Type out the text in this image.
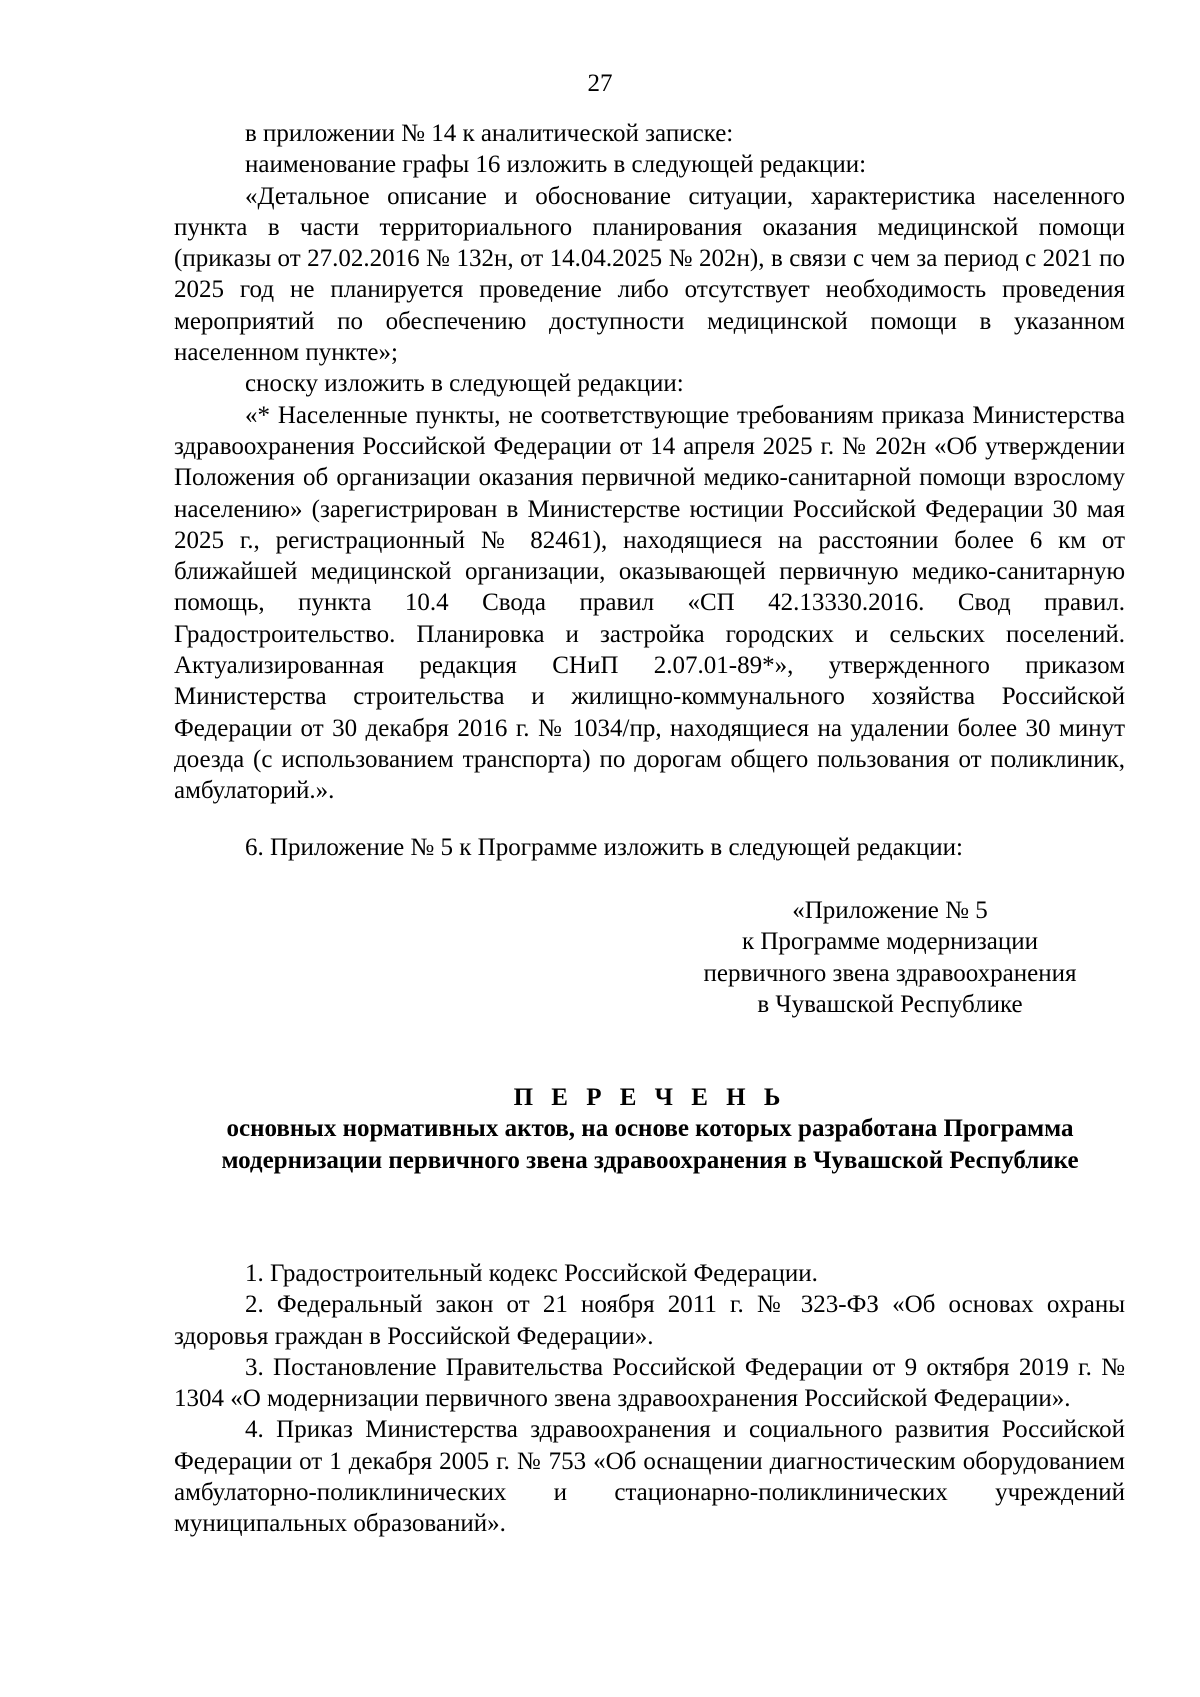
27

в приложении № 14 к аналитической записке:

наименование графы 16 изложить в следующей редакции:

«Детальное описание и обоснование ситуации, характеристика населенного пункта в части территориального планирования оказания медицинской помощи (приказы от 27.02.2016 № 132н, от 14.04.2025 № 202н), в связи с чем за период с 2021 по 2025 год не планируется проведение либо отсутствует необходимость проведения мероприятий по обеспечению доступности медицинской помощи в указанном населенном пункте»;

сноску изложить в следующей редакции:

«* Населенные пункты, не соответствующие требованиям приказа Министерства здравоохранения Российской Федерации от 14 апреля 2025 г. № 202н «Об утверждении Положения об организации оказания первичной медико-санитарной помощи взрослому населению» (зарегистрирован в Министерстве юстиции Российской Федерации 30 мая 2025 г., регистрационный № 82461), находящиеся на расстоянии более 6 км от ближайшей медицинской организации, оказывающей первичную медико-санитарную помощь, пункта 10.4 Свода правил «СП 42.13330.2016. Свод правил. Градостроительство. Планировка и застройка городских и сельских поселений. Актуализированная редакция СНиП 2.07.01-89*», утвержденного приказом Министерства строительства и жилищно-коммунального хозяйства Российской Федерации от 30 декабря 2016 г. № 1034/пр, находящиеся на удалении более 30 минут доезда (с использованием транспорта) по дорогам общего пользования от поликлиник, амбулаторий.».

6. Приложение № 5 к Программе изложить в следующей редакции:

«Приложение № 5
к Программе модернизации
первичного звена здравоохранения
в Чувашской Республике
П Е Р Е Ч Е Н Ь
основных нормативных актов, на основе которых разработана Программа
модернизации первичного звена здравоохранения в Чувашской Республике

1. Градостроительный кодекс Российской Федерации.

2. Федеральный закон от 21 ноября 2011 г. № 323-ФЗ «Об основах охраны здоровья граждан в Российской Федерации».

3. Постановление Правительства Российской Федерации от 9 октября 2019 г. № 1304 «О модернизации первичного звена здравоохранения Российской Федерации».

4. Приказ Министерства здравоохранения и социального развития Российской Федерации от 1 декабря 2005 г. № 753 «Об оснащении диагностическим оборудованием амбулаторно-поликлинических и стационарно-поликлинических учреждений муниципальных образований».
